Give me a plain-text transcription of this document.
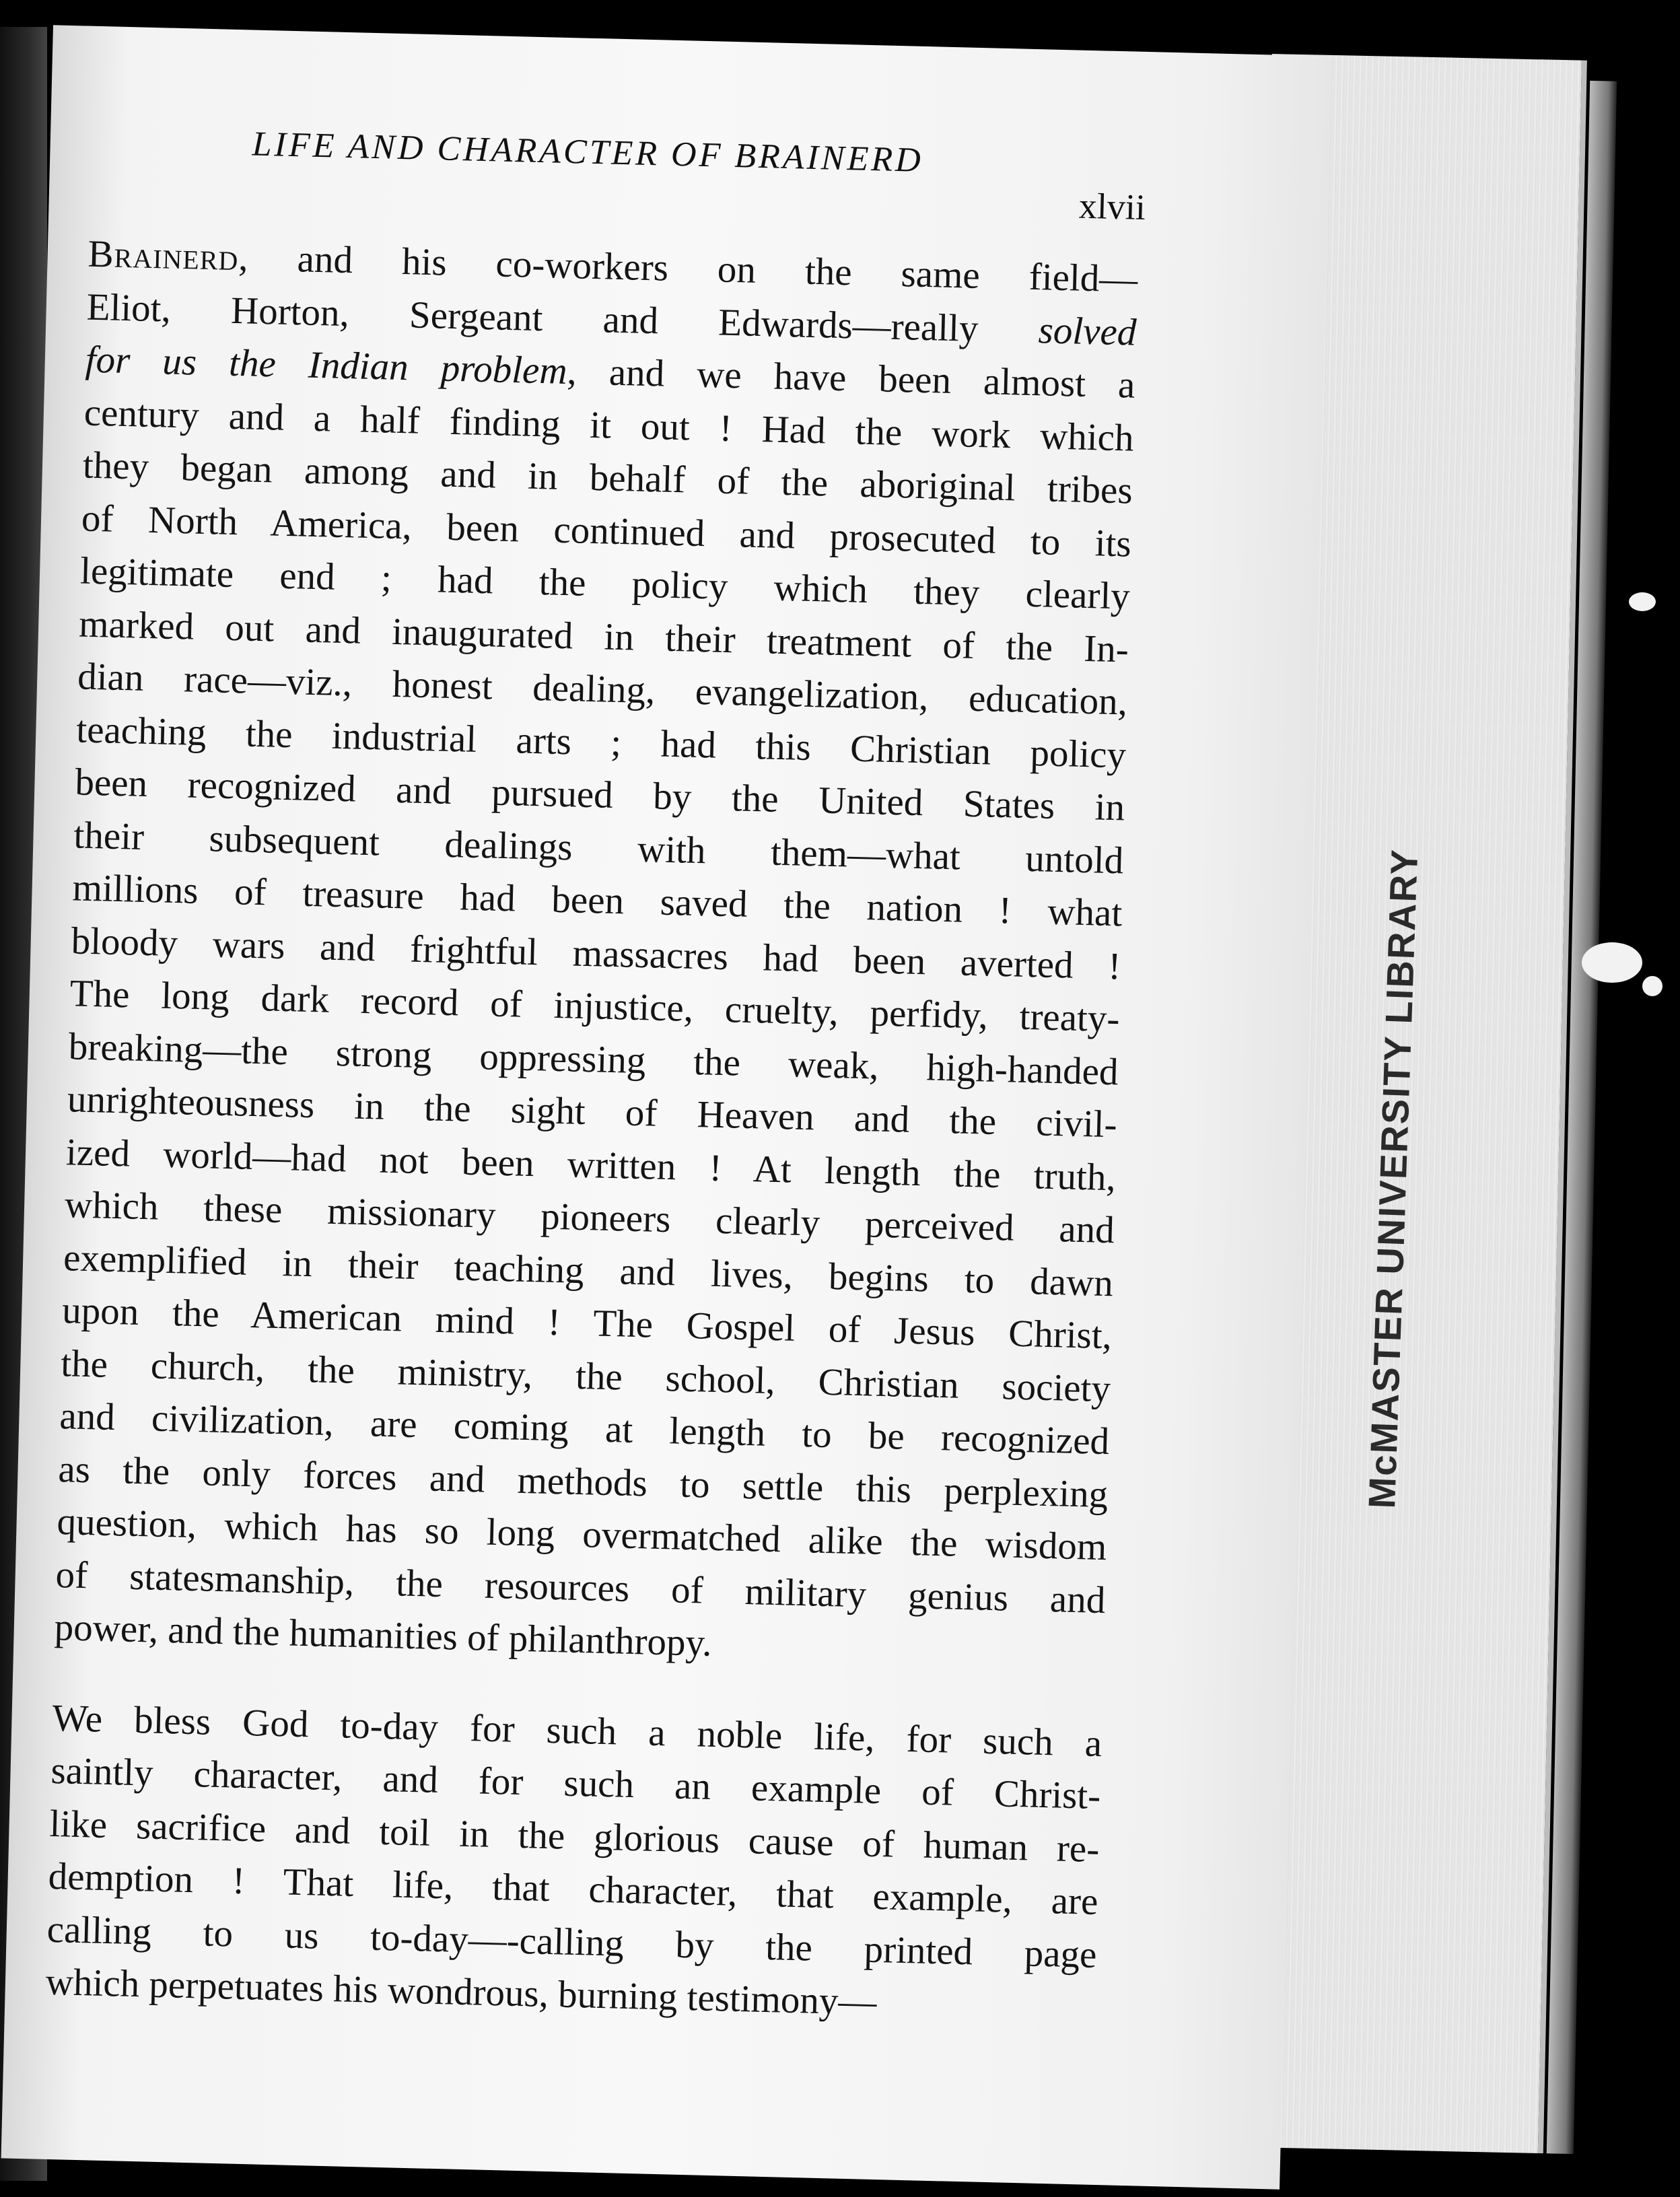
LIFE AND CHARACTER OF BRAINERD
xlvii
Brainerd, and his co-workers on the same field—
Eliot, Horton, Sergeant and Edwards—really solved
for us the Indian problem, and we have been almost a
century and a half finding it out ! Had the work which
they began among and in behalf of the aboriginal tribes
of North America, been continued and prosecuted to its
legitimate end ; had the policy which they clearly
marked out and inaugurated in their treatment of the In-
dian race—viz., honest dealing, evangelization, education,
teaching the industrial arts ; had this Christian policy
been recognized and pursued by the United States in
their subsequent dealings with them—what untold
millions of treasure had been saved the nation ! what
bloody wars and frightful massacres had been averted !
The long dark record of injustice, cruelty, perfidy, treaty-
breaking—the strong oppressing the weak, high-handed
unrighteousness in the sight of Heaven and the civil-
ized world—had not been written ! At length the truth,
which these missionary pioneers clearly perceived and
exemplified in their teaching and lives, begins to dawn
upon the American mind ! The Gospel of Jesus Christ,
the church, the ministry, the school, Christian society
and civilization, are coming at length to be recognized
as the only forces and methods to settle this perplexing
question, which has so long overmatched alike the wisdom
of statesmanship, the resources of military genius and
power, and the humanities of philanthropy.
We bless God to-day for such a noble life, for such a
saintly character, and for such an example of Christ-
like sacrifice and toil in the glorious cause of human re-
demption ! That life, that character, that example, are
calling to us to-day—-calling by the printed page
which perpetuates his wondrous, burning testimony—
McMASTER UNIVERSITY LIBRARY
